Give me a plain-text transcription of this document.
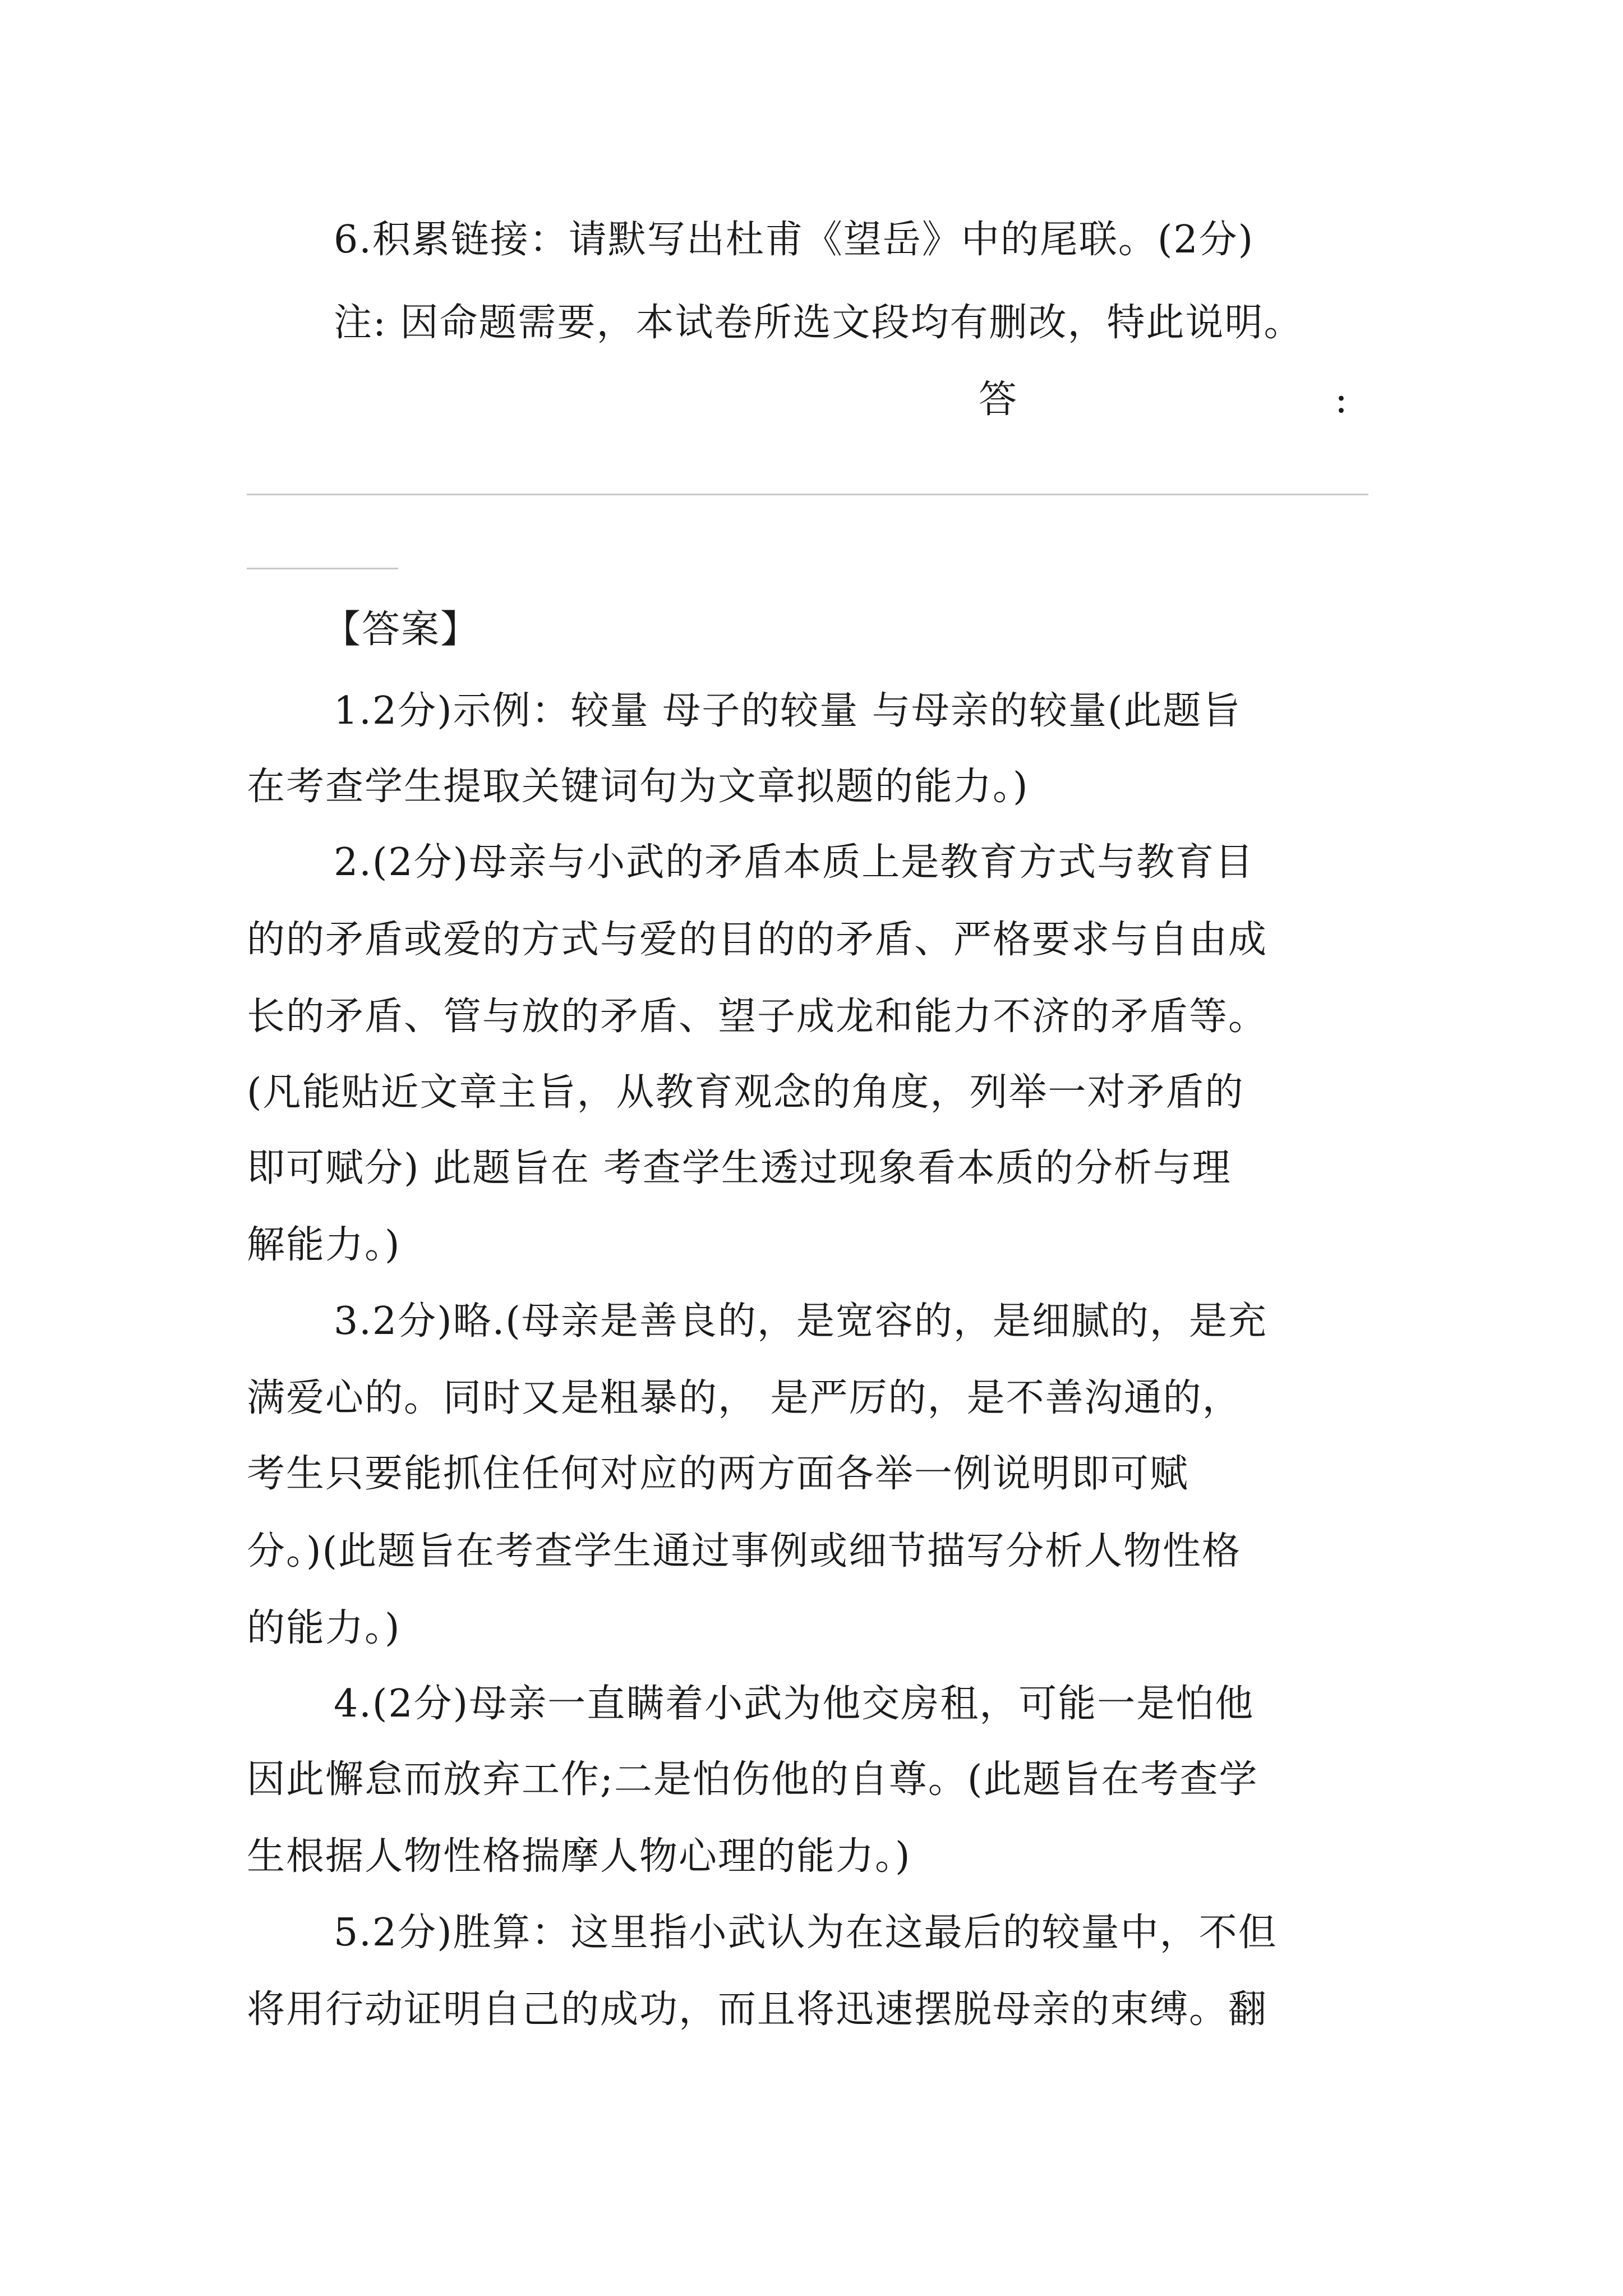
6.积累链接：请默写出杜甫《望岳》中的尾联。(2分)
注: 因命题需要，本试卷所选文段均有删改，特此说明。
答	:
【答案】
1.2分)示例：较量 母子的较量 与母亲的较量(此题旨
在考查学生提取关键词句为文章拟题的能力。)
2.(2分)母亲与小武的矛盾本质上是教育方式与教育目
的的矛盾或爱的方式与爱的目的的矛盾、严格要求与自由成
长的矛盾、管与放的矛盾、望子成龙和能力不济的矛盾等。
(凡能贴近文章主旨，从教育观念的角度，列举一对矛盾的
即可赋分) 此题旨在 考查学生透过现象看本质的分析与理
解能力。)
3.2分)略.(母亲是善良的，是宽容的，是细腻的，是充
满爱心的。同时又是粗暴的， 是严厉的，是不善沟通的，
考生只要能抓住任何对应的两方面各举一例说明即可赋
分。)(此题旨在考查学生通过事例或细节描写分析人物性格
的能力。)
4.(2分)母亲一直瞒着小武为他交房租，可能一是怕他
因此懈怠而放弃工作;二是怕伤他的自尊。(此题旨在考查学
生根据人物性格揣摩人物心理的能力。)
5.2分)胜算：这里指小武认为在这最后的较量中，不但
将用行动证明自己的成功，而且将迅速摆脱母亲的束缚。翻
